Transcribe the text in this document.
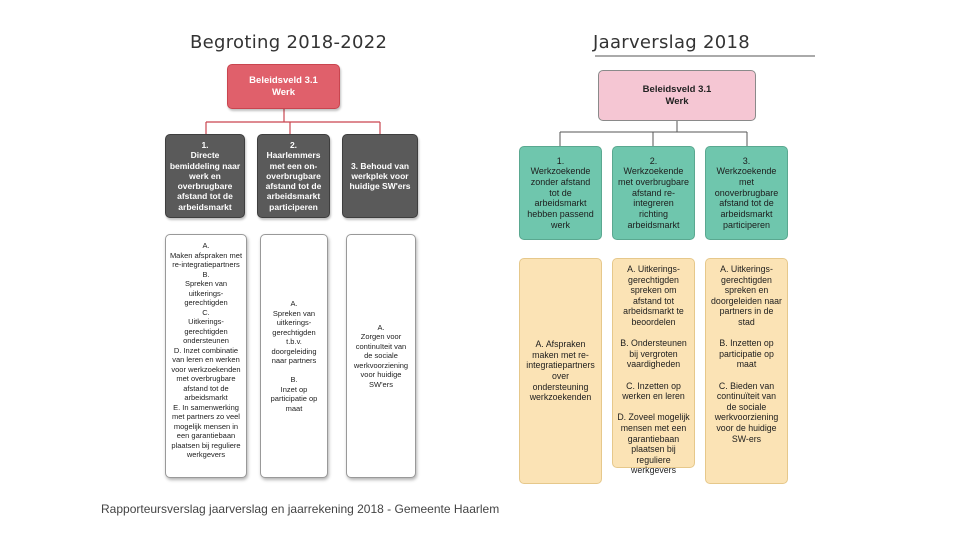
Begroting 2018-2022	Jaarverslag 2018
Beleidsveld 3.1
Werk
1.
Directe
bemiddeling naar
werk en
overbrugbare
afstand tot de
arbeidsmarkt
2.
Haarlemmers
met een on-
overbrugbare
afstand tot de
arbeidsmarkt
participeren
3. Behoud van
werkplek voor
huidige SW'ers
A.
Maken afspraken met
re-integratiepartners
B.
Spreken van
uitkerings-
gerechtigden
C.
Uitkerings-
gerechtigden
ondersteunen
D. Inzet combinatie
van leren en werken
voor werkzoekenden
met overbrugbare
afstand tot de
arbeidsmarkt
E. In samenwerking
met partners zo veel
mogelijk mensen in
een garantiebaan
plaatsen bij reguliere
werkgevers
A.
Spreken van
uitkerings-
gerechtigden
t.b.v.
doorgeleiding
naar partners

B.
Inzet op
participatie op
maat
A.
Zorgen voor
continuïteit van
de sociale
werkvoorziening
voor huidige
SW'ers
Beleidsveld 3.1
Werk
1.
Werkzoekende
zonder afstand
tot de
arbeidsmarkt
hebben passend
werk
2.
Werkzoekende
met overbrugbare
afstand re-
integreren
richting
arbeidsmarkt
3.
Werkzoekende
met
onoverbrugbare
afstand tot de
arbeidsmarkt
participeren
A. Afspraken
maken met re-
integratiepartners
over
ondersteuning
werkzoekenden
A. Uitkerings-
gerechtigden
spreken om
afstand tot
arbeidsmarkt te
beoordelen

B. Ondersteunen
bij vergroten
vaardigheden

C. Inzetten op
werken en leren

D. Zoveel mogelijk
mensen met een
garantiebaan
plaatsen bij
reguliere
werkgevers
A. Uitkerings-
gerechtigden
spreken en
doorgeleiden naar
partners in de
stad

B. Inzetten op
participatie op
maat

C. Bieden van
continuïteit van
de sociale
werkvoorziening
voor de huidige
SW-ers
Rapporteursverslag jaarverslag en jaarrekening 2018 - Gemeente Haarlem
